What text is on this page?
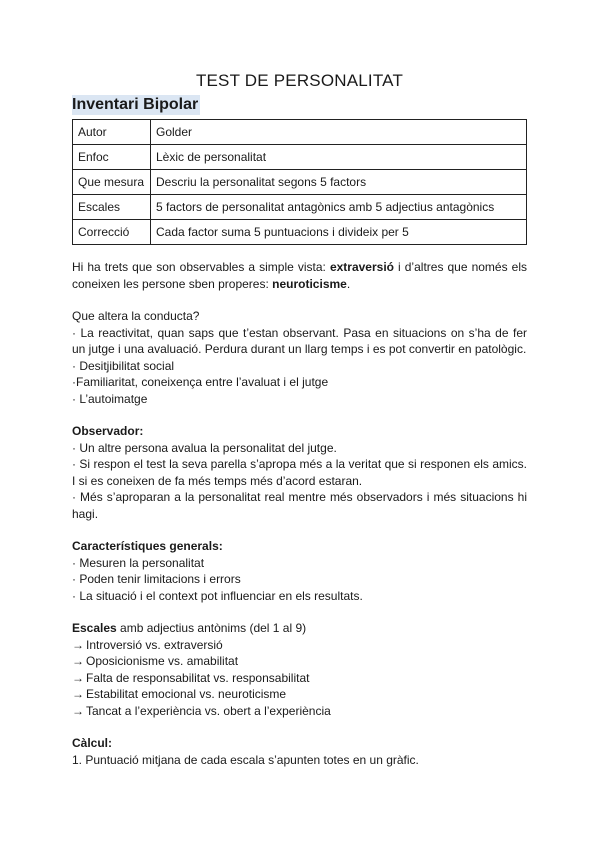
TEST DE PERSONALITAT
Inventari Bipolar
Autor	Golder
Enfoc	Lèxic de personalitat
Que mesura	Descriu la personalitat segons 5 factors
Escales	5 factors de personalitat antagònics amb 5 adjectius antagònics
Correcció	Cada factor suma 5 puntuacions i divideix per 5

Hi ha trets que son observables a simple vista: extraversió i d’altres que només els coneixen les persone sben properes: neuroticisme.

Que altera la conducta?

· La reactivitat, quan saps que t’estan observant. Pasa en situacions on s’ha de fer un jutge i una avaluació. Perdura durant un llarg temps i es pot convertir en patològic.

· Desitjibilitat social

·Familiaritat, coneixença entre l’avaluat i el jutge

· L’autoimatge

Observador:

· Un altre persona avalua la personalitat del jutge.

· Si respon el test la seva parella s’apropa més a la veritat que si responen els amics. I si es coneixen de fa més temps més d’acord estaran.

· Més s’aproparan a la personalitat real mentre més observadors i més situacions hi hagi.

Característiques generals:

· Mesuren la personalitat

· Poden tenir limitacions i errors

· La situació i el context pot influenciar en els resultats.

Escales amb adjectius antònims (del 1 al 9)

→ Introversió vs. extraversió

→ Oposicionisme vs. amabilitat

→ Falta de responsabilitat vs. responsabilitat

→ Estabilitat emocional vs. neuroticisme

→ Tancat a l’experiència vs. obert a l’experiència

Càlcul:

1. Puntuació mitjana de cada escala s’apunten totes en un gràfic.
